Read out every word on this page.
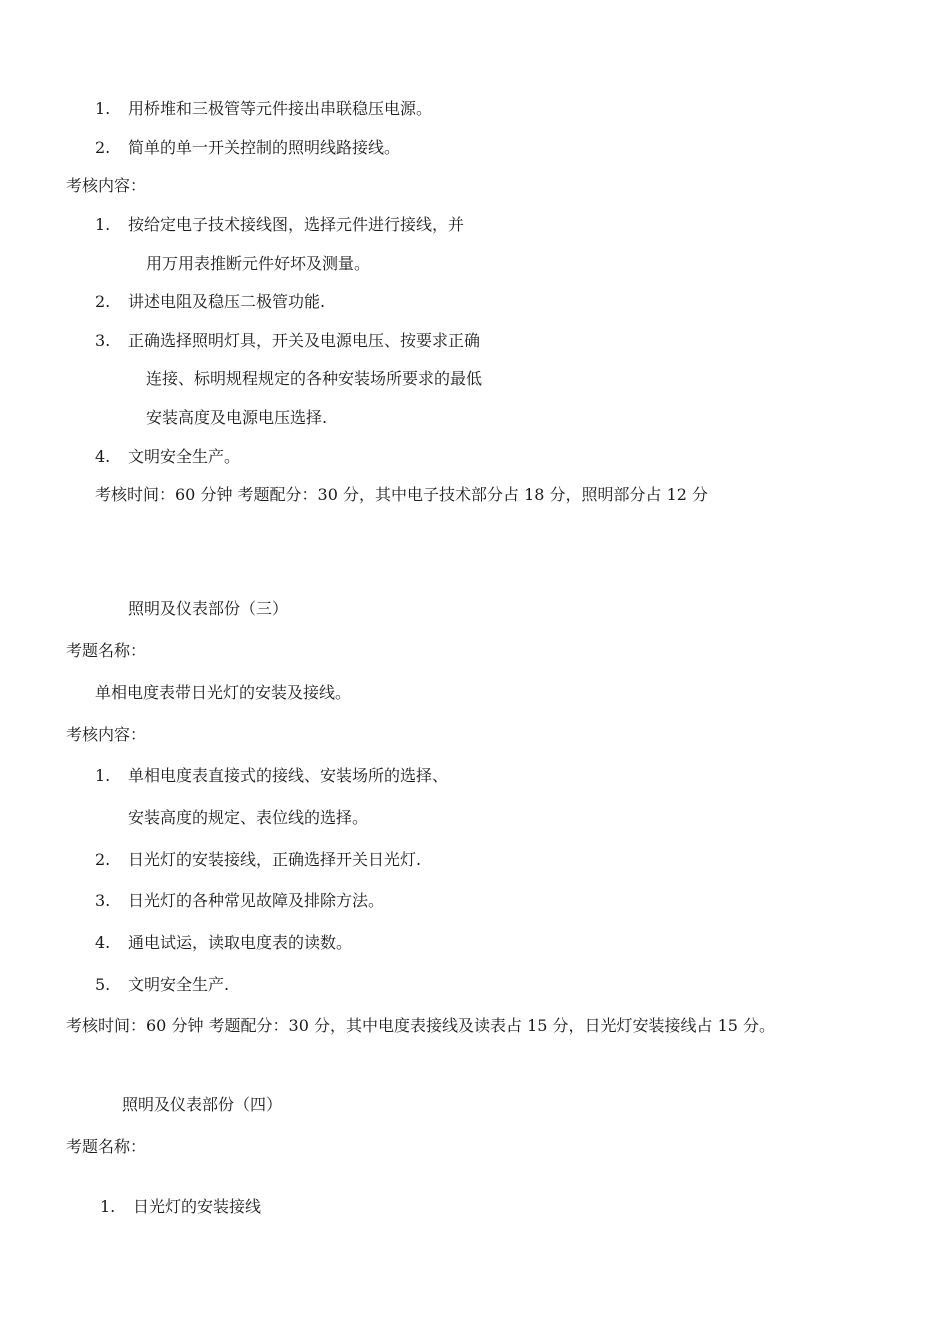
1. 用桥堆和三极管等元件接出串联稳压电源。
2. 简单的单一开关控制的照明线路接线。
考核内容：
1. 按给定电子技术接线图，选择元件进行接线，并
用万用表推断元件好坏及测量。
2. 讲述电阻及稳压二极管功能.
3. 正确选择照明灯具，开关及电源电压、按要求正确
连接、标明规程规定的各种安装场所要求的最低
安装高度及电源电压选择.
4. 文明安全生产。
考核时间：60 分钟 考题配分：30 分，其中电子技术部分占 18 分，照明部分占 12 分
照明及仪表部份（三）
考题名称：
单相电度表带日光灯的安装及接线。
考核内容：
1. 单相电度表直接式的接线、安装场所的选择、
安装高度的规定、表位线的选择。
2. 日光灯的安装接线，正确选择开关日光灯.
3. 日光灯的各种常见故障及排除方法。
4. 通电试运，读取电度表的读数。
5. 文明安全生产.
考核时间：60 分钟 考题配分：30 分，其中电度表接线及读表占 15 分，日光灯安装接线占 15 分。
照明及仪表部份（四）
考题名称：
1. 日光灯的安装接线
